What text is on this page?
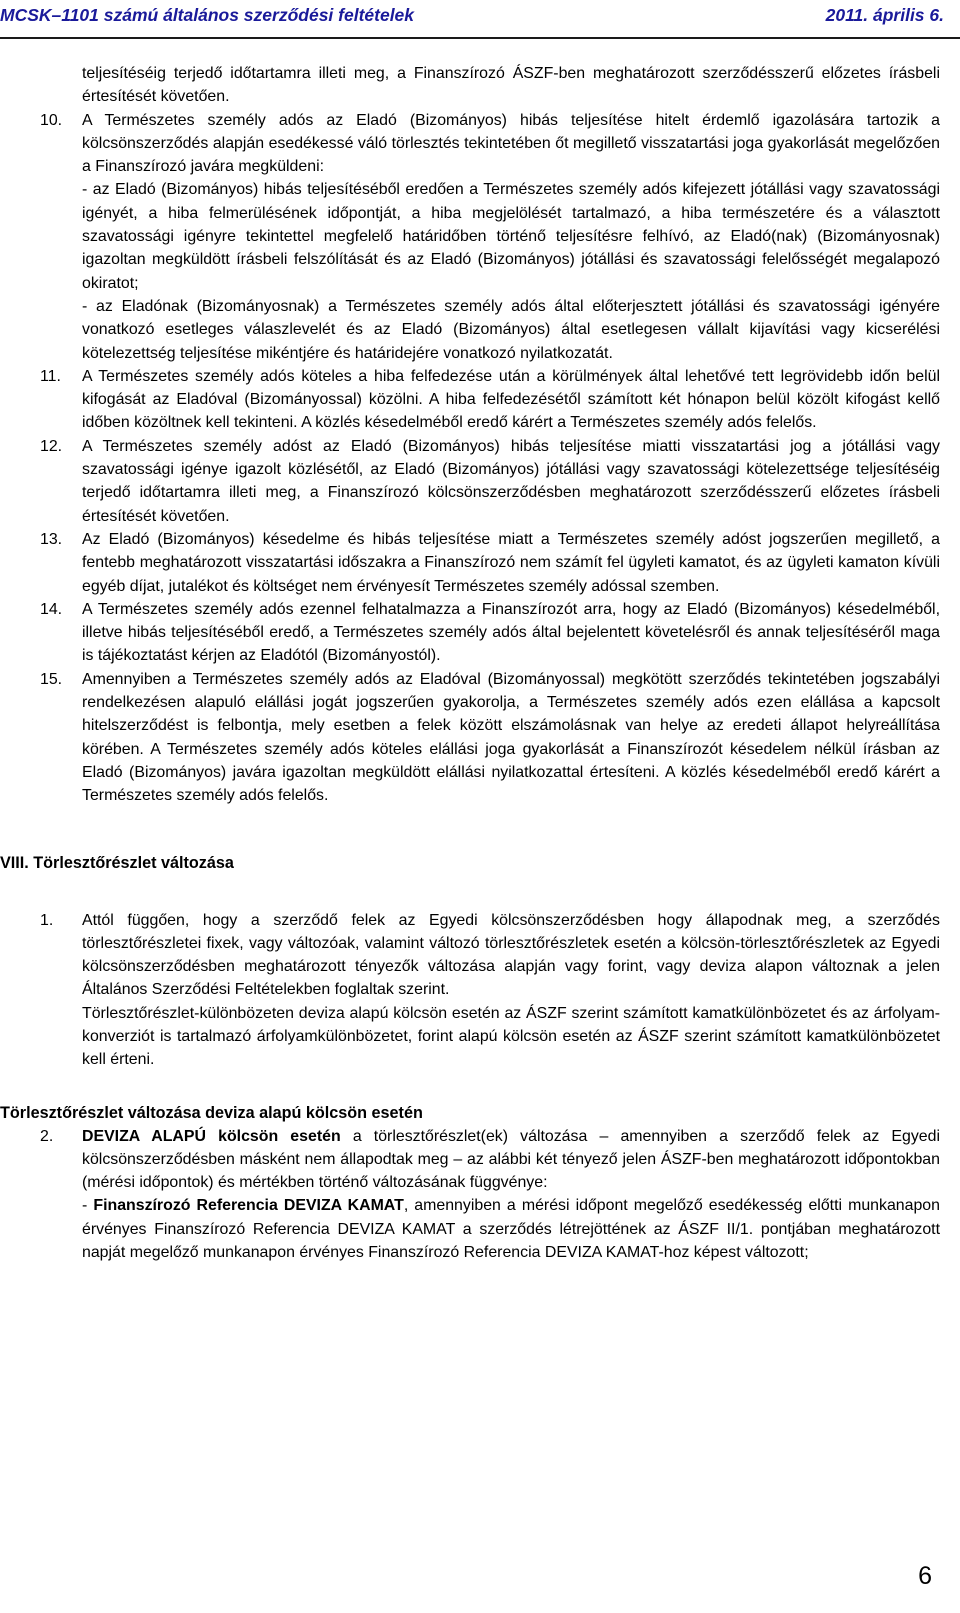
MCSK–1101 számú általános szerződési feltételek	2011. április 6.

teljesítéséig terjedő időtartamra illeti meg, a Finanszírozó ÁSZF-ben meghatározott szerződésszerű előzetes írásbeli értesítését követően.

10. A Természetes személy adós az Eladó (Bizományos) hibás teljesítése hitelt érdemlő igazolására tartozik a kölcsönszerződés alapján esedékessé váló törlesztés tekintetében őt megillető visszatartási joga gyakorlását megelőzően a Finanszírozó javára megküldeni:
- az Eladó (Bizományos) hibás teljesítéséből eredően a Természetes személy adós kifejezett jótállási vagy szavatossági igényét, a hiba felmerülésének időpontját, a hiba megjelölését tartalmazó, a hiba természetére és a választott szavatossági igényre tekintettel megfelelő határidőben történő teljesítésre felhívó, az Eladó(nak) (Bizományosnak) igazoltan megküldött írásbeli felszólítását és az Eladó (Bizományos) jótállási és szavatossági felelősségét megalapozó okiratot;
- az Eladónak (Bizományosnak) a Természetes személy adós által előterjesztett jótállási és szavatossági igényére vonatkozó esetleges válaszlevelét és az Eladó (Bizományos) által esetlegesen vállalt kijavítási vagy kicserélési kötelezettség teljesítése mikéntjére és határidejére vonatkozó nyilatkozatát.
11. A Természetes személy adós köteles a hiba felfedezése után a körülmények által lehetővé tett legrövidebb időn belül kifogását az Eladóval (Bizományossal) közölni. A hiba felfedezésétől számított két hónapon belül közölt kifogást kellő időben közöltnek kell tekinteni. A közlés késedelméből eredő kárért a Természetes személy adós felelős.
12. A Természetes személy adóst az Eladó (Bizományos) hibás teljesítése miatti visszatartási jog a jótállási vagy szavatossági igénye igazolt közlésétől, az Eladó (Bizományos) jótállási vagy szavatossági kötelezettsége teljesítéséig terjedő időtartamra illeti meg, a Finanszírozó kölcsönszerződésben meghatározott szerződésszerű előzetes írásbeli értesítését követően.
13. Az Eladó (Bizományos) késedelme és hibás teljesítése miatt a Természetes személy adóst jogszerűen megillető, a fentebb meghatározott visszatartási időszakra a Finanszírozó nem számít fel ügyleti kamatot, és az ügyleti kamaton kívüli egyéb díjat, jutalékot és költséget nem érvényesít Természetes személy adóssal szemben.
14. A Természetes személy adós ezennel felhatalmazza a Finanszírozót arra, hogy az Eladó (Bizományos) késedelméből, illetve hibás teljesítéséből eredő, a Természetes személy adós által bejelentett követelésről és annak teljesítéséről maga is tájékoztatást kérjen az Eladótól (Bizományostól).
15. Amennyiben a Természetes személy adós az Eladóval (Bizományossal) megkötött szerződés tekintetében jogszabályi rendelkezésen alapuló elállási jogát jogszerűen gyakorolja, a Természetes személy adós ezen elállása a kapcsolt hitelszerződést is felbontja, mely esetben a felek között elszámolásnak van helye az eredeti állapot helyreállítása körében. A Természetes személy adós köteles elállási joga gyakorlását a Finanszírozót késedelem nélkül írásban az Eladó (Bizományos) javára igazoltan megküldött elállási nyilatkozattal értesíteni. A közlés késedelméből eredő kárért a Természetes személy adós felelős.

VIII. Törlesztőrészlet változása

1. Attól függően, hogy a szerződő felek az Egyedi kölcsönszerződésben hogy állapodnak meg, a szerződés törlesztőrészletei fixek, vagy változóak, valamint változó törlesztőrészletek esetén a kölcsön-törlesztőrészletek az Egyedi kölcsönszerződésben meghatározott tényezők változása alapján vagy forint, vagy deviza alapon változnak a jelen Általános Szerződési Feltételekben foglaltak szerint.
Törlesztőrészlet-különbözeten deviza alapú kölcsön esetén az ÁSZF szerint számított kamatkülönbözetet és az árfolyam-konverziót is tartalmazó árfolyamkülönbözetet, forint alapú kölcsön esetén az ÁSZF szerint számított kamatkülönbözetet kell érteni.

Törlesztőrészlet változása deviza alapú kölcsön esetén

2. DEVIZA ALAPÚ kölcsön esetén a törlesztőrészlet(ek) változása – amennyiben a szerződő felek az Egyedi kölcsönszerződésben másként nem állapodtak meg – az alábbi két tényező jelen ÁSZF-ben meghatározott időpontokban (mérési időpontok) és mértékben történő változásának függvénye:
- Finanszírozó Referencia DEVIZA KAMAT, amennyiben a mérési időpont megelőző esedékesség előtti munkanapon érvényes Finanszírozó Referencia DEVIZA KAMAT a szerződés létrejöttének az ÁSZF II/1. pontjában meghatározott napját megelőző munkanapon érvényes Finanszírozó Referencia DEVIZA KAMAT-hoz képest változott;
6
